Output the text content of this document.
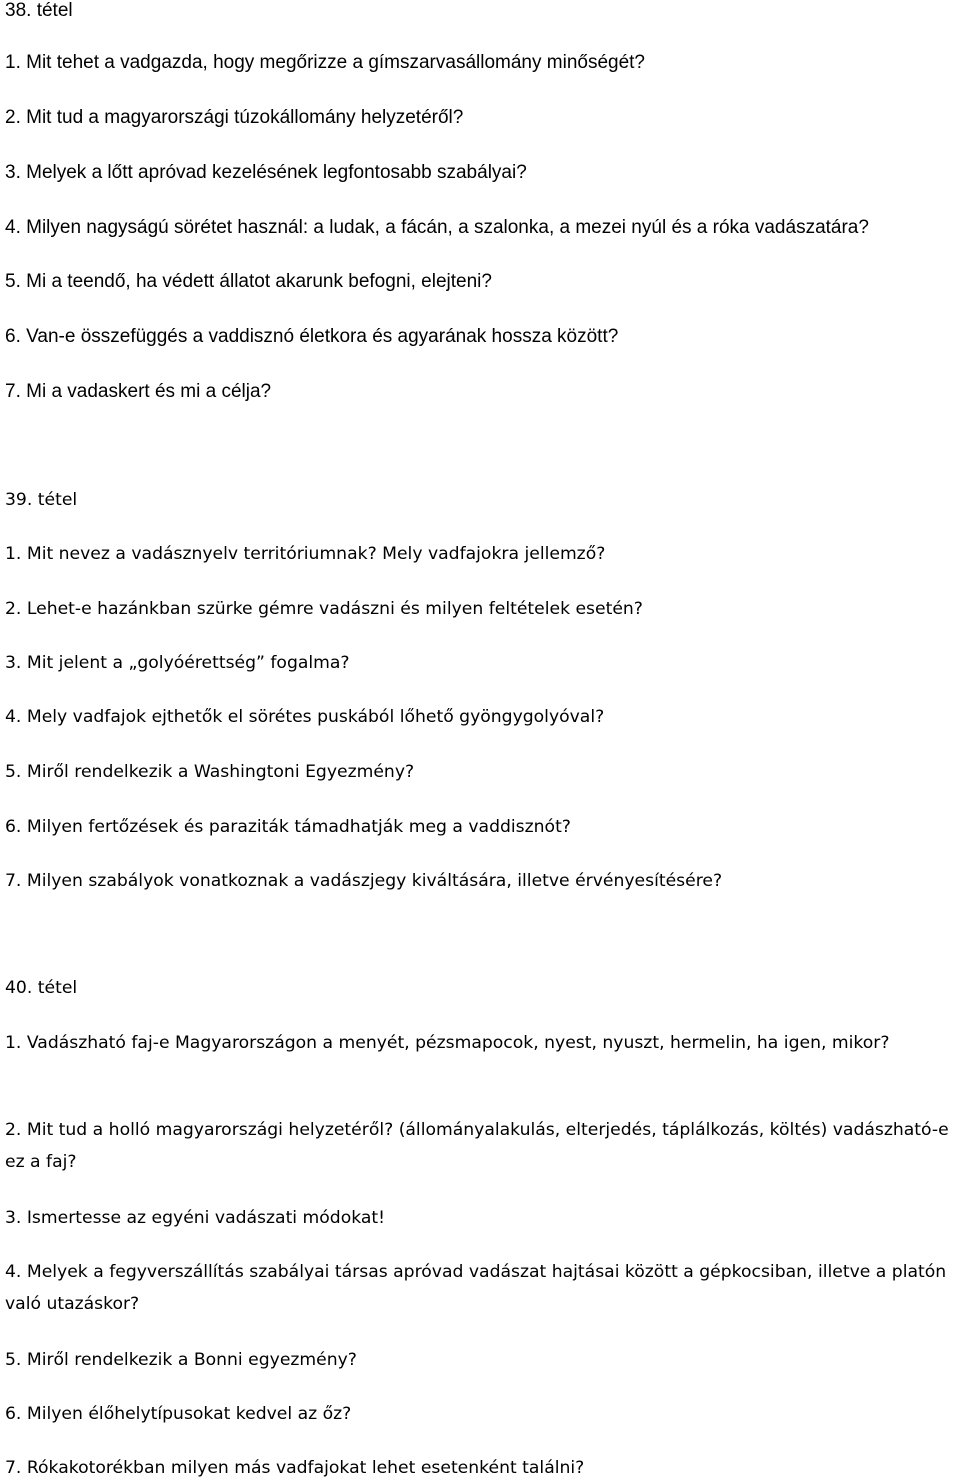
38. tétel
1. Mit tehet a vadgazda, hogy megőrizze a gímszarvasállomány minőségét?
2. Mit tud a magyarországi túzokállomány helyzetéről?
3. Melyek a lőtt apróvad kezelésének legfontosabb szabályai?
4. Milyen nagyságú sörétet használ: a ludak, a fácán, a szalonka, a mezei nyúl és a róka vadászatára?
5. Mi a teendő, ha védett állatot akarunk befogni, elejteni?
6. Van-e összefüggés a vaddisznó életkora és agyarának hossza között?
7. Mi a vadaskert és mi a célja?
39. tétel
1. Mit nevez a vadásznyelv territóriumnak? Mely vadfajokra jellemző?
2. Lehet-e hazánkban szürke gémre vadászni és milyen feltételek esetén?
3. Mit jelent a „golyóérettség” fogalma?
4. Mely vadfajok ejthetők el sörétes puskából lőhető gyöngygolyóval?
5. Miről rendelkezik a Washingtoni Egyezmény?
6. Milyen fertőzések és paraziták támadhatják meg a vaddisznót?
7. Milyen szabályok vonatkoznak a vadászjegy kiváltására, illetve érvényesítésére?
40. tétel
1. Vadászható faj-e Magyarországon a menyét, pézsmapocok, nyest, nyuszt, hermelin, ha igen, mikor?
2. Mit tud a holló magyarországi helyzetéről? (állományalakulás, elterjedés, táplálkozás, költés) vadászható-e ez a faj?
3. Ismertesse az egyéni vadászati módokat!
4. Melyek a fegyverszállítás szabályai társas apróvad vadászat hajtásai között a gépkocsiban, illetve a platón való utazáskor?
5. Miről rendelkezik a Bonni egyezmény?
6. Milyen élőhelytípusokat kedvel az őz?
7. Rókakotorékban milyen más vadfajokat lehet esetenként találni?
